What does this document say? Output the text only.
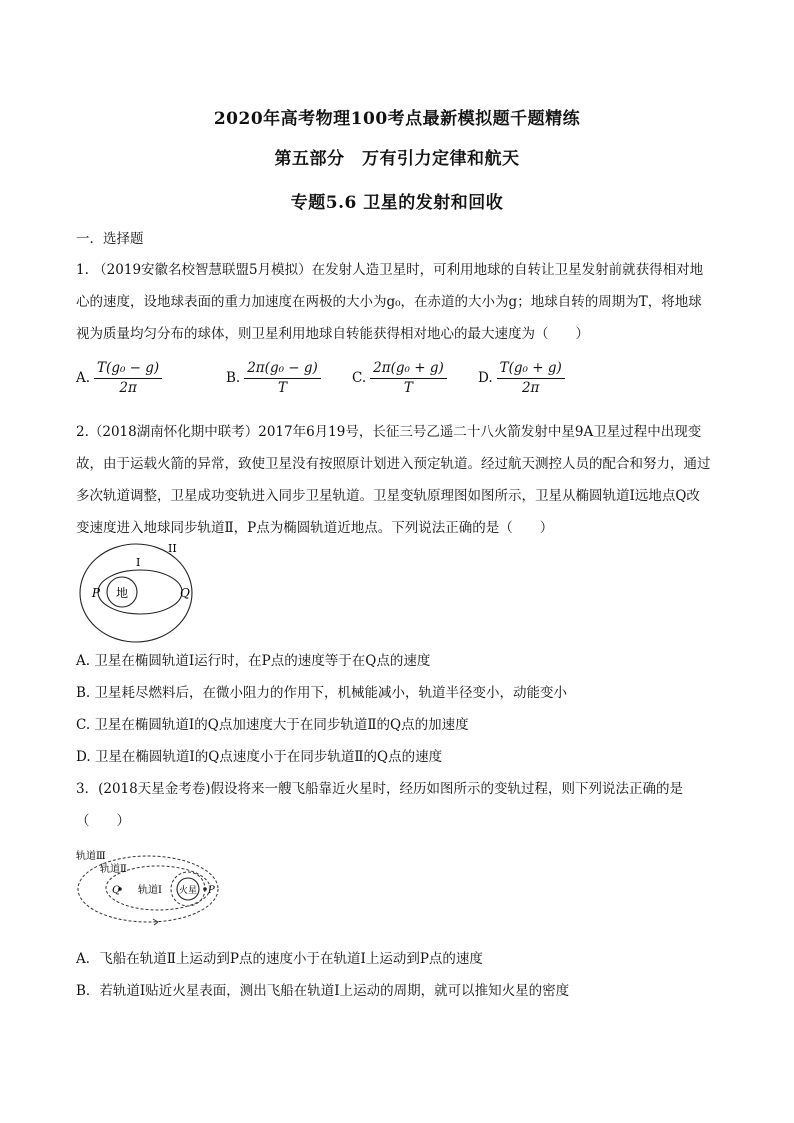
2020年高考物理100考点最新模拟题千题精练
第五部分　万有引力定律和航天
专题5.6 卫星的发射和回收
一．选择题
1. （2019安徽名校智慧联盟5月模拟）在发射人造卫星时，可利用地球的自转让卫星发射前就获得相对地心的速度，设地球表面的重力加速度在两极的大小为g₀，在赤道的大小为g；地球自转的周期为T，将地球视为质量均匀分布的球体，则卫星利用地球自转能获得相对地心的最大速度为（　　）
A. $\frac{\text{T(g₀ − g)}}{2\pi}$	B. $\frac{\text{2π(g₀ − g)}}{T} C$. $\frac{\text{2π(g₀ + g)}}{T} D$. $\frac{\text{T(g₀ + g)}}{2\pi}$
2.（2018湖南怀化期中联考）2017年6月19号，长征三号乙遥二十八火箭发射中星9A卫星过程中出现变故，由于运载火箭的异常，致使卫星没有按照原计划进入预定轨道。经过航天测控人员的配合和努力，通过多次轨道调整，卫星成功变轨进入同步卫星轨道。卫星变轨原理图如图所示，卫星从椭圆轨道Ⅰ远地点Q改变速度进入地球同步轨道Ⅱ，P点为椭圆轨道近地点。下列说法正确的是（　　）
地
P	Q
I
II
A. 卫星在椭圆轨道Ⅰ运行时，在P点的速度等于在Q点的速度
B. 卫星耗尽燃料后，在微小阻力的作用下，机械能减小，轨道半径变小，动能变小
C. 卫星在椭圆轨道Ⅰ的Q点加速度大于在同步轨道Ⅱ的Q点的加速度
D. 卫星在椭圆轨道Ⅰ的Q点速度小于在同步轨道Ⅱ的Q点的速度
3．(2018天星金考卷)假设将来一艘飞船靠近火星时，经历如图所示的变轨过程，则下列说法正确的是（　　）
火星 P
Q
轨道Ⅲ
轨道Ⅱ
轨道Ⅰ
A．飞船在轨道Ⅱ上运动到P点的速度小于在轨道Ⅰ上运动到P点的速度
B．若轨道Ⅰ贴近火星表面，测出飞船在轨道Ⅰ上运动的周期，就可以推知火星的密度
